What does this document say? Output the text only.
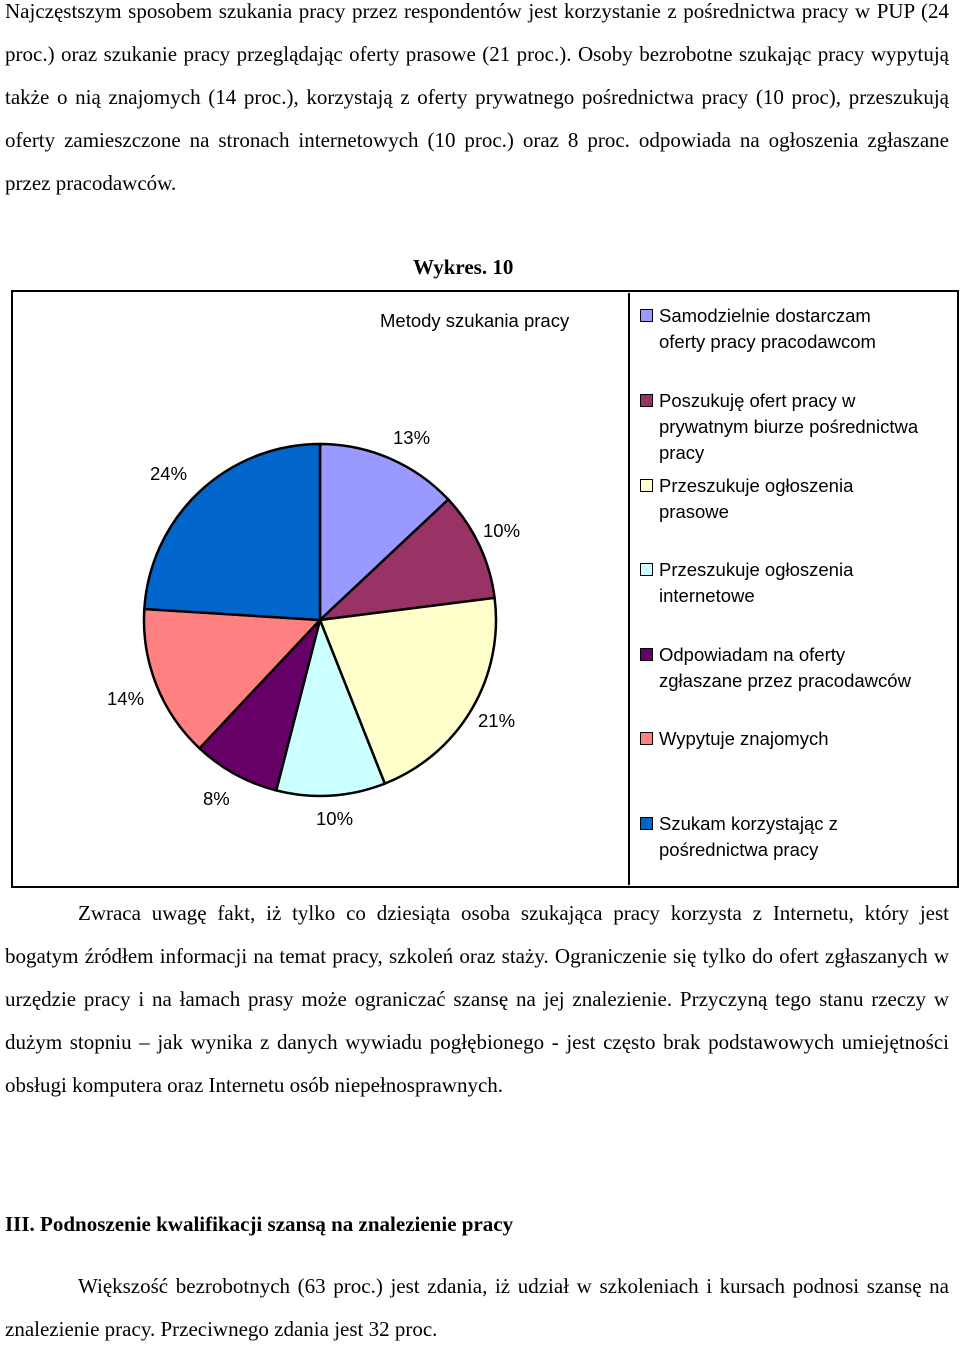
Najczęstszym sposobem szukania pracy przez respondentów jest korzystanie z pośrednictwa pracy w PUP (24 proc.) oraz szukanie pracy przeglądając oferty prasowe (21 proc.). Osoby bezrobotne szukając pracy wypytują także o nią znajomych (14 proc.), korzystają z oferty prywatnego pośrednictwa pracy (10 proc), przeszukują oferty zamieszczone na stronach internetowych (10 proc.) oraz 8 proc. odpowiada na ogłoszenia zgłaszane przez pracodawców.

Wykres. 10
Metody szukania pracy	Samodzielnie dostarczam
oferty pracy pracodawcom
Poszukuję ofert pracy w
prywatnym biurze pośrednictwa
pracy
Przeszukuje ogłoszenia
prasowe
Przeszukuje ogłoszenia
internetowe
Odpowiadam na oferty
zgłaszane przez pracodawców
Wypytuje znajomych
Szukam korzystając z
pośrednictwa pracy

Zwraca uwagę fakt, iż tylko co dziesiąta osoba szukająca pracy korzysta z Internetu, który jest bogatym źródłem informacji na temat pracy, szkoleń oraz staży. Ograniczenie się tylko do ofert zgłaszanych w urzędzie pracy i na łamach prasy może ograniczać szansę na jej znalezienie. Przyczyną tego stanu rzeczy w dużym stopniu – jak wynika z danych wywiadu pogłębionego - jest często brak podstawowych umiejętności obsługi komputera oraz Internetu osób niepełnosprawnych.

III. Podnoszenie kwalifikacji szansą na znalezienie pracy

Większość bezrobotnych (63 proc.) jest zdania, iż udział w szkoleniach i kursach podnosi szansę na znalezienie pracy. Przeciwnego zdania jest 32 proc.

13%
10%
21%
10%
8%
14%
24%
